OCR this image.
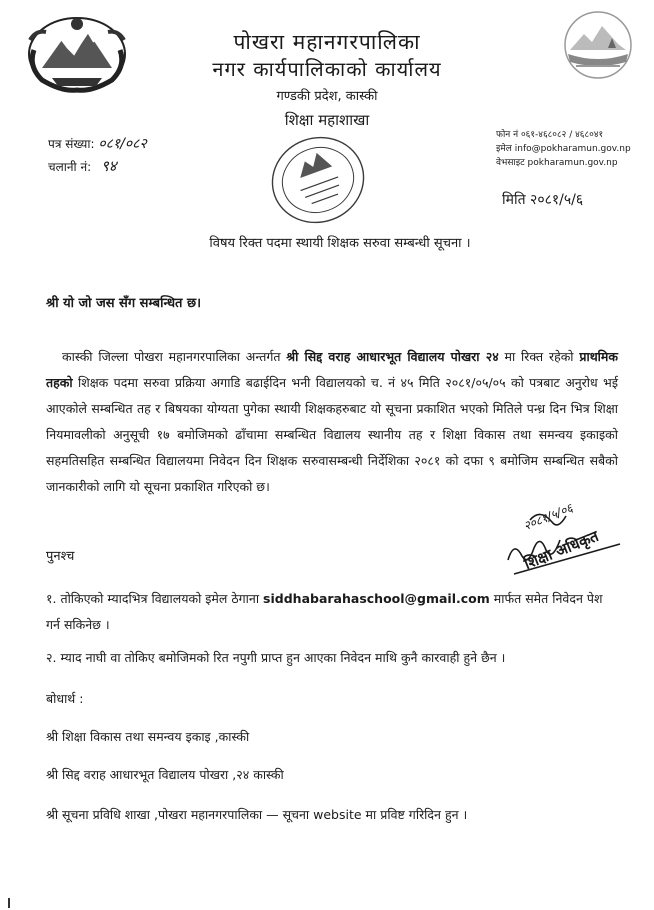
पोखरा महानगरपालिका
नगर कार्यपालिकाको कार्यालय
गण्डकी प्रदेश, कास्की
शिक्षा महाशाखा
पत्र संख्या: ०८१/०८२
चलानी नं: ९४
फोन नं ०६१-४६८०८२ / ४६८०४१
इमेल info@pokharamun.gov.np
वेभसाइट pokharamun.gov.np
मिति २०८१/५/६
विषय रिक्त पदमा स्थायी शिक्षक सरुवा सम्बन्धी सूचना ।
श्री यो जो जस सँग सम्बन्धित छ।
कास्की जिल्ला पोखरा महानगरपालिका अन्तर्गत श्री सिद्द वराह आधारभूत विद्यालय पोखरा २४ मा रिक्त रहेको प्राथमिक तहको शिक्षक पदमा सरुवा प्रक्रिया अगाडि बढाईदिन भनी विद्यालयको च. नं ४५ मिति २०८१/०५/०५ को पत्रबाट अनुरोध भई आएकोले सम्बन्धित तह र बिषयका योग्यता पुगेका स्थायी शिक्षकहरुबाट यो सूचना प्रकाशित भएको मितिले पन्ध्र दिन भित्र शिक्षा नियमावलीको अनुसूची १७ बमोजिमको ढाँचामा सम्बन्धित विद्यालय स्थानीय तह र शिक्षा विकास तथा समन्वय इकाइको सहमतिसहित सम्बन्धित विद्यालयमा निवेदन दिन शिक्षक सरुवासम्बन्धी निर्देशिका २०८१ को दफा ९ बमोजिम सम्बन्धित सबैको जानकारीको लागि यो सूचना प्रकाशित गरिएको छ।
२०८१/५/०६
शिक्षा अधिकृत
पुनश्च
१. तोकिएको म्यादभित्र विद्यालयको इमेल ठेगाना siddhabarahaschool@gmail.com मार्फत समेत निवेदन पेश गर्न सकिनेछ ।
२. म्याद नाघी वा तोकिए बमोजिमको रित नपुगी प्राप्त हुन आएका निवेदन माथि कुनै कारवाही हुने छैन ।
बोधार्थ :
श्री शिक्षा विकास तथा समन्वय इकाइ ,कास्की
श्री सिद्द वराह आधारभूत विद्यालय पोखरा ,२४ कास्की
श्री सूचना प्रविधि शाखा ,पोखरा महानगरपालिका — सूचना website मा प्रविष्ट गरिदिन हुन ।
